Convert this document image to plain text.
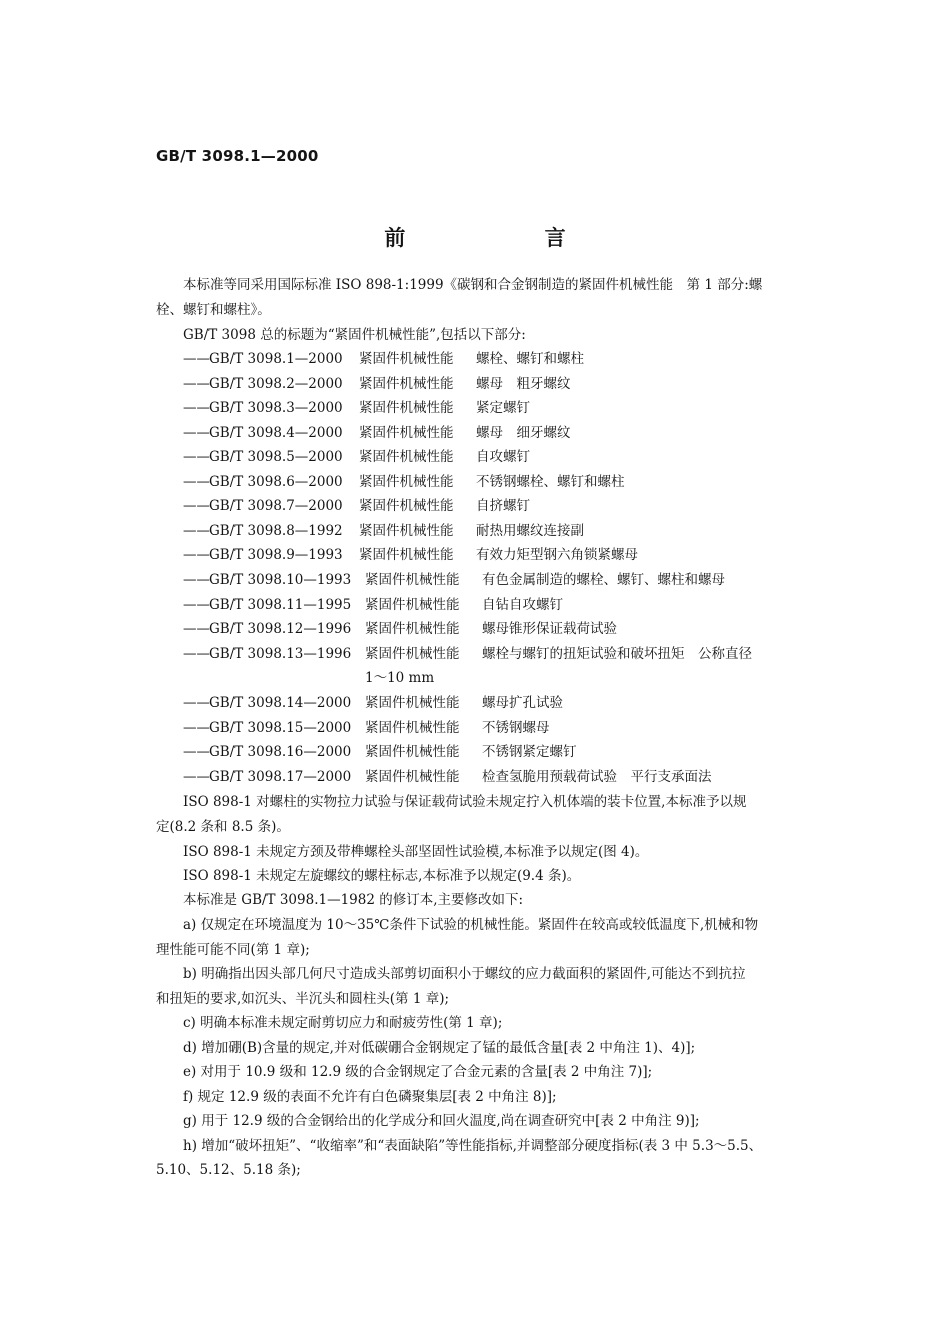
GB/T 3098.1—2000
前 言
本标准等同采用国际标准 ISO 898-1:1999《碳钢和合金钢制造的紧固件机械性能　第 1 部分:螺
栓、螺钉和螺柱》。
GB/T 3098 总的标题为“紧固件机械性能”,包括以下部分:
——GB/T 3098.1—2000 紧固件机械性能 螺栓、螺钉和螺柱
——GB/T 3098.2—2000 紧固件机械性能 螺母　粗牙螺纹
——GB/T 3098.3—2000 紧固件机械性能 紧定螺钉
——GB/T 3098.4—2000 紧固件机械性能 螺母　细牙螺纹
——GB/T 3098.5—2000 紧固件机械性能 自攻螺钉
——GB/T 3098.6—2000 紧固件机械性能 不锈钢螺栓、螺钉和螺柱
——GB/T 3098.7—2000 紧固件机械性能 自挤螺钉
——GB/T 3098.8—1992 紧固件机械性能 耐热用螺纹连接副
——GB/T 3098.9—1993 紧固件机械性能 有效力矩型钢六角锁紧螺母
——GB/T 3098.10—1993 紧固件机械性能 有色金属制造的螺栓、螺钉、螺柱和螺母
——GB/T 3098.11—1995 紧固件机械性能 自钻自攻螺钉
——GB/T 3098.12—1996 紧固件机械性能 螺母锥形保证载荷试验
——GB/T 3098.13—1996 紧固件机械性能 螺栓与螺钉的扭矩试验和破坏扭矩　公称直径
1～10 mm
——GB/T 3098.14—2000 紧固件机械性能 螺母扩孔试验
——GB/T 3098.15—2000 紧固件机械性能 不锈钢螺母
——GB/T 3098.16—2000 紧固件机械性能 不锈钢紧定螺钉
——GB/T 3098.17—2000 紧固件机械性能 检查氢脆用预载荷试验　平行支承面法
ISO 898-1 对螺柱的实物拉力试验与保证载荷试验未规定拧入机体端的装卡位置,本标准予以规
定(8.2 条和 8.5 条)。
ISO 898-1 未规定方颈及带榫螺栓头部坚固性试验模,本标准予以规定(图 4)。
ISO 898-1 未规定左旋螺纹的螺柱标志,本标准予以规定(9.4 条)。
本标准是 GB/T 3098.1—1982 的修订本,主要修改如下:
a) 仅规定在环境温度为 10～35℃条件下试验的机械性能。紧固件在较高或较低温度下,机械和物
理性能可能不同(第 1 章);
b) 明确指出因头部几何尺寸造成头部剪切面积小于螺纹的应力截面积的紧固件,可能达不到抗拉
和扭矩的要求,如沉头、半沉头和圆柱头(第 1 章);
c) 明确本标准未规定耐剪切应力和耐疲劳性(第 1 章);
d) 增加硼(B)含量的规定,并对低碳硼合金钢规定了锰的最低含量[表 2 中角注 1)、4)];
e) 对用于 10.9 级和 12.9 级的合金钢规定了合金元素的含量[表 2 中角注 7)];
f) 规定 12.9 级的表面不允许有白色磷聚集层[表 2 中角注 8)];
g) 用于 12.9 级的合金钢给出的化学成分和回火温度,尚在调查研究中[表 2 中角注 9)];
h) 增加“破坏扭矩”、“收缩率”和“表面缺陷”等性能指标,并调整部分硬度指标(表 3 中 5.3～5.5、
5.10、5.12、5.18 条);
